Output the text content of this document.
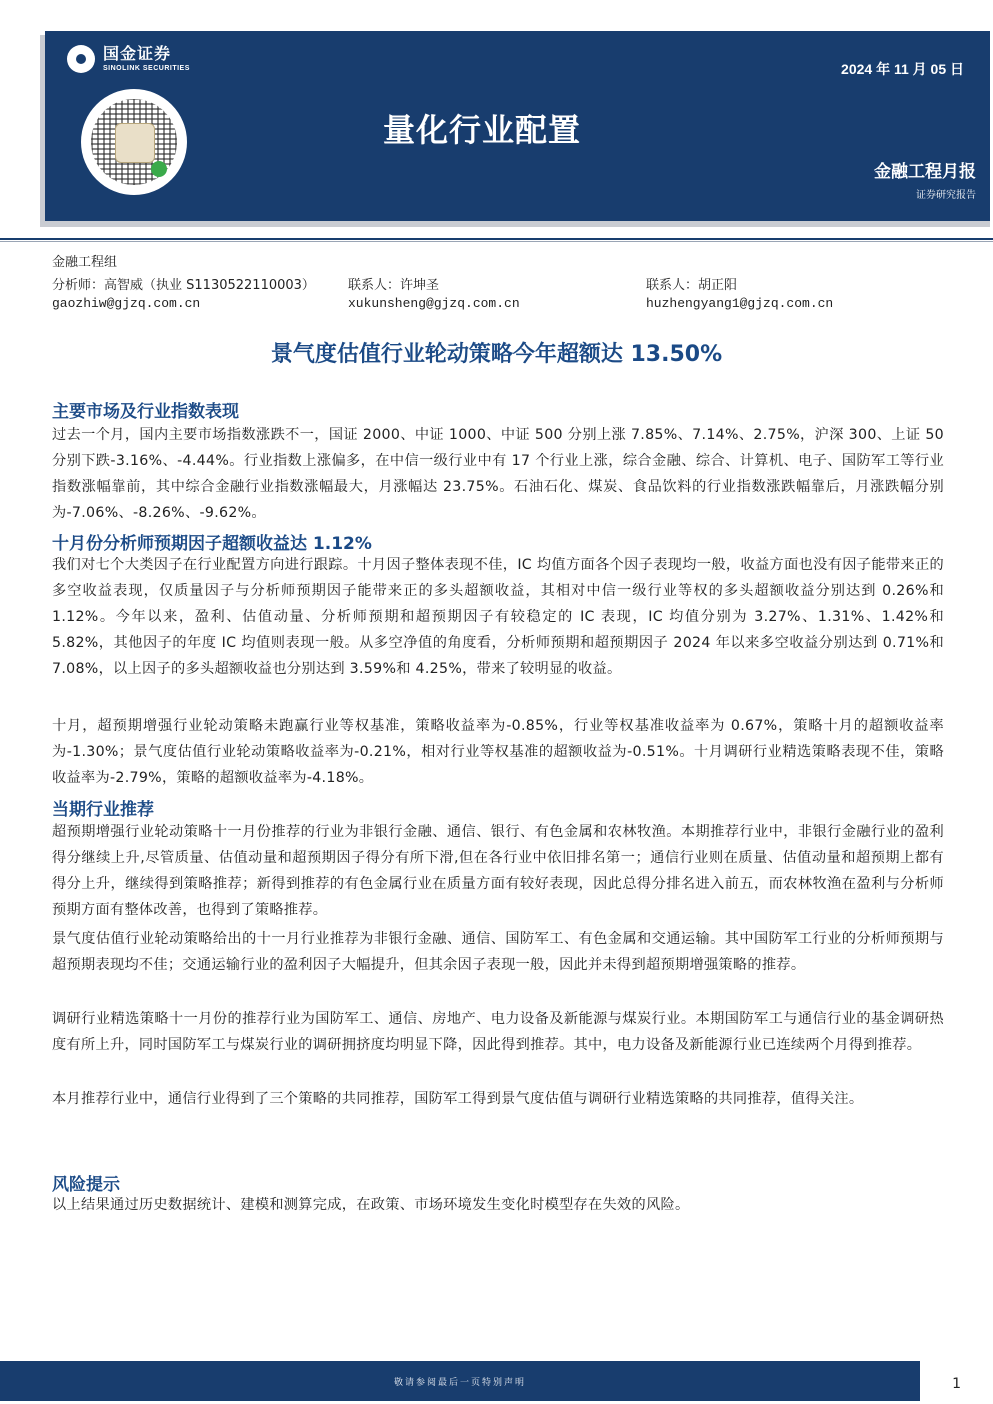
国金证券
SINOLINK SECURITIES	2024 年 11 月 05 日
量化行业配置
金融工程月报
证券研究报告
金融工程组
分析师：高智威（执业 S1130522110003）
gaozhiw@gjzq.com.cn
联系人：许坤圣
xukunsheng@gjzq.com.cn
联系人：胡正阳
huzhengyang1@gjzq.com.cn
景气度估值行业轮动策略今年超额达 13.50%
主要市场及行业指数表现
过去一个月，国内主要市场指数涨跌不一，国证 2000、中证 1000、中证 500 分别上涨 7.85%、7.14%、2.75%，沪深 300、上证 50 分别下跌-3.16%、-4.44%。行业指数上涨偏多，在中信一级行业中有 17 个行业上涨，综合金融、综合、计算机、电子、国防军工等行业指数涨幅靠前，其中综合金融行业指数涨幅最大，月涨幅达 23.75%。石油石化、煤炭、食品饮料的行业指数涨跌幅靠后，月涨跌幅分别为-7.06%、-8.26%、-9.62%。
十月份分析师预期因子超额收益达 1.12%
我们对七个大类因子在行业配置方向进行跟踪。十月因子整体表现不佳，IC 均值方面各个因子表现均一般，收益方面也没有因子能带来正的多空收益表现，仅质量因子与分析师预期因子能带来正的多头超额收益，其相对中信一级行业等权的多头超额收益分别达到 0.26%和 1.12%。今年以来，盈利、估值动量、分析师预期和超预期因子有较稳定的 IC 表现，IC 均值分别为 3.27%、1.31%、1.42%和 5.82%，其他因子的年度 IC 均值则表现一般。从多空净值的角度看，分析师预期和超预期因子 2024 年以来多空收益分别达到 0.71%和 7.08%，以上因子的多头超额收益也分别达到 3.59%和 4.25%，带来了较明显的收益。
十月，超预期增强行业轮动策略未跑赢行业等权基准，策略收益率为-0.85%，行业等权基准收益率为 0.67%，策略十月的超额收益率为-1.30%；景气度估值行业轮动策略收益率为-0.21%，相对行业等权基准的超额收益为-0.51%。十月调研行业精选策略表现不佳，策略收益率为-2.79%，策略的超额收益率为-4.18%。
当期行业推荐
超预期增强行业轮动策略十一月份推荐的行业为非银行金融、通信、银行、有色金属和农林牧渔。本期推荐行业中，非银行金融行业的盈利得分继续上升,尽管质量、估值动量和超预期因子得分有所下滑,但在各行业中依旧排名第一；通信行业则在质量、估值动量和超预期上都有得分上升，继续得到策略推荐；新得到推荐的有色金属行业在质量方面有较好表现，因此总得分排名进入前五，而农林牧渔在盈利与分析师预期方面有整体改善，也得到了策略推荐。
景气度估值行业轮动策略给出的十一月行业推荐为非银行金融、通信、国防军工、有色金属和交通运输。其中国防军工行业的分析师预期与超预期表现均不佳；交通运输行业的盈利因子大幅提升，但其余因子表现一般，因此并未得到超预期增强策略的推荐。
调研行业精选策略十一月份的推荐行业为国防军工、通信、房地产、电力设备及新能源与煤炭行业。本期国防军工与通信行业的基金调研热度有所上升，同时国防军工与煤炭行业的调研拥挤度均明显下降，因此得到推荐。其中，电力设备及新能源行业已连续两个月得到推荐。
本月推荐行业中，通信行业得到了三个策略的共同推荐，国防军工得到景气度估值与调研行业精选策略的共同推荐，值得关注。
风险提示
以上结果通过历史数据统计、建模和测算完成，在政策、市场环境发生变化时模型存在失效的风险。
敬请参阅最后一页特别声明	1
